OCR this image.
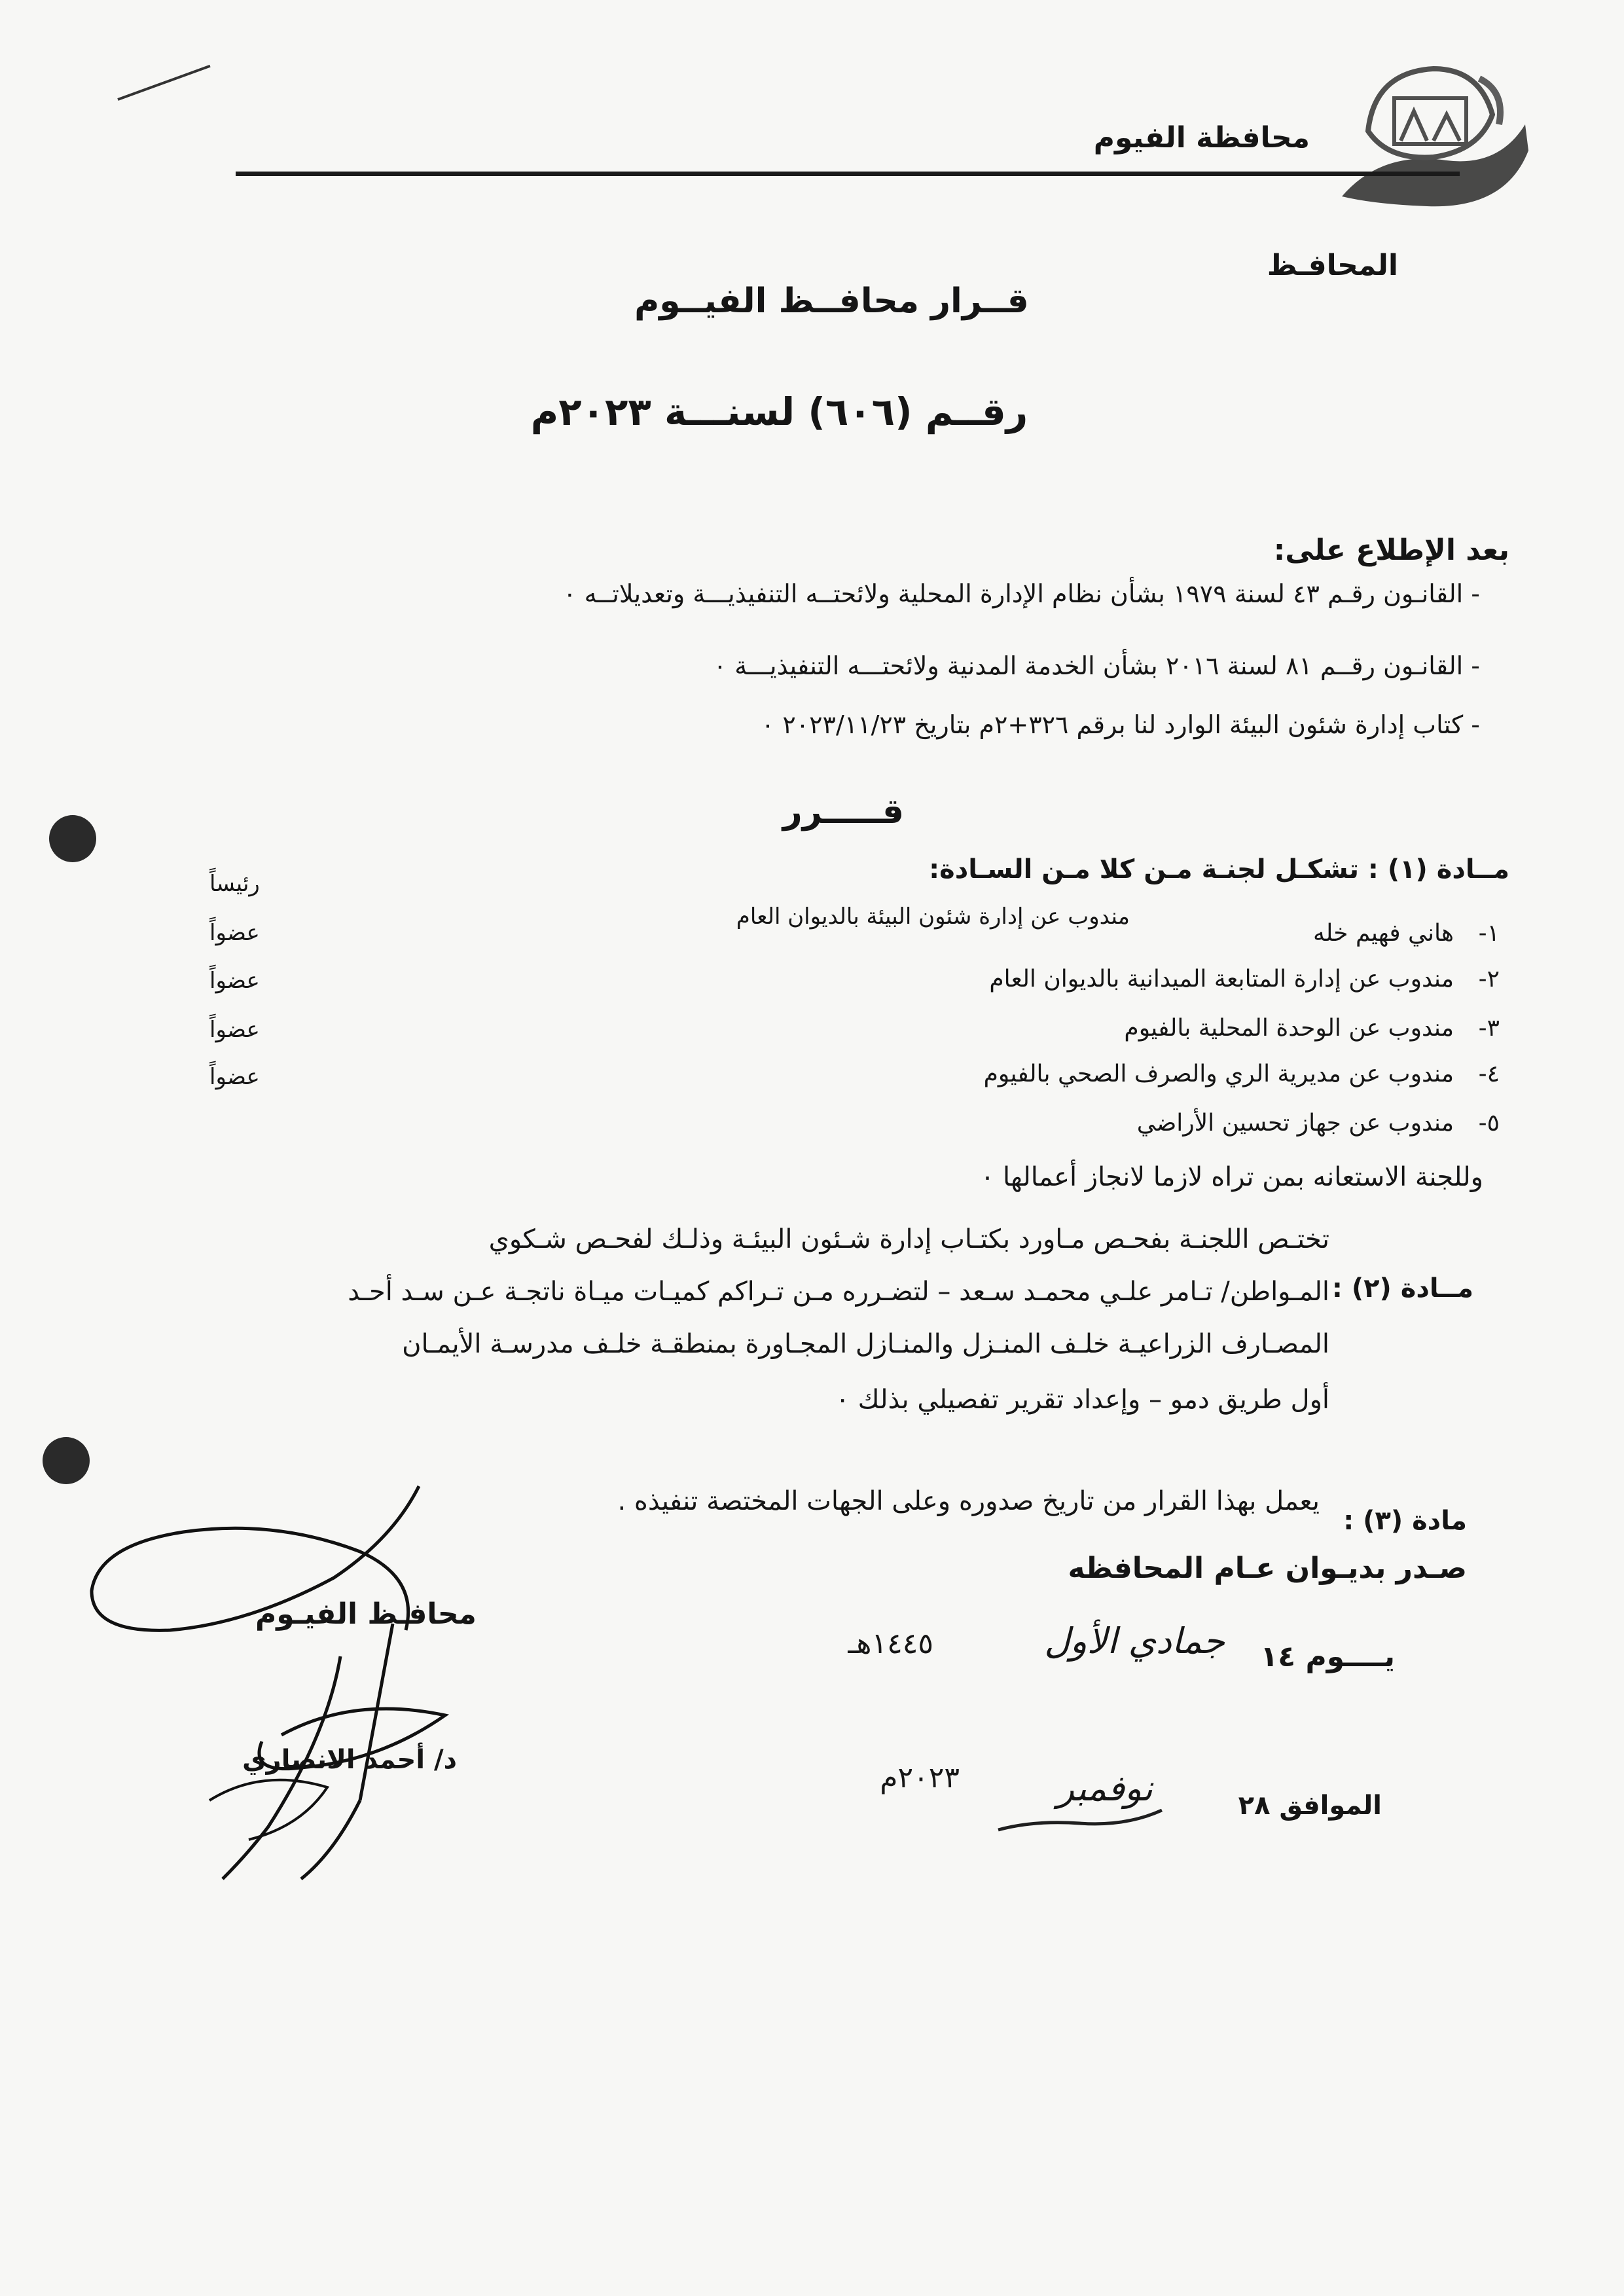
محافظة الفيوم
المحافـظ
قــرار محافــظ الفيــوم
رقــم (٦٠٦) لسنـــة ٢٠٢٣م
بعد الإطلاع على:
- القانـون رقـم ٤٣ لسنة ١٩٧٩ بشأن نظام الإدارة المحلية ولائحتــه التنفيذيـــة وتعديلاتــه ٠
- القانـون رقــم ٨١ لسنة ٢٠١٦ بشأن الخدمة المدنية ولائحتـــه التنفيذيـــة ٠
- كتاب إدارة شئون البيئة الوارد لنا برقم ٣٢٦+٢م بتاريخ ٢٠٢٣/١١/٢٣ ٠
قـــــرر
مــادة (١) : تشكـل لجنـة مـن كلا مـن السـادة:
١-
هاني فهيم خله
مندوب عن إدارة شئون البيئة بالديوان العام
رئيساً
٢-
مندوب عن إدارة المتابعة الميدانية بالديوان العام
عضواً
٣-
مندوب عن الوحدة المحلية بالفيوم
عضواً
٤-
مندوب عن مديرية الري والصرف الصحي بالفيوم
عضواً
٥-
مندوب عن جهاز تحسين الأراضي
عضواً
وللجنة الاستعانه بمن تراه لازما لانجاز أعمالها ٠
مــادة (٢) :
تختـص اللجنـة بفحـص مـاورد بكتـاب إدارة شـئون البيئـة وذلـك لفحـص شـكوي
المـواطن/ تـامر علـي محمـد سـعد – لتضـرره مـن تـراكم كميـات ميـاة ناتجـة عـن سـد أحـد
المصـارف الزراعيـة خلـف المنـزل والمنـازل المجـاورة بمنطقـة خلـف مدرسـة الأيمـان
أول طريق دمو – وإعداد تقرير تفصيلي بذلك ٠
مادة (٣) :
يعمل بهذا القرار من تاريخ صدوره وعلى الجهات المختصة تنفيذه .
صـدر بديـوان عـام المحافظه
يــــوم ١٤
جمادي الأول
١٤٤٥هـ
الموافق ٢٨
نوفمبر
٢٠٢٣م
محافـظ الفيـوم
د/ أحمد الانصاري
